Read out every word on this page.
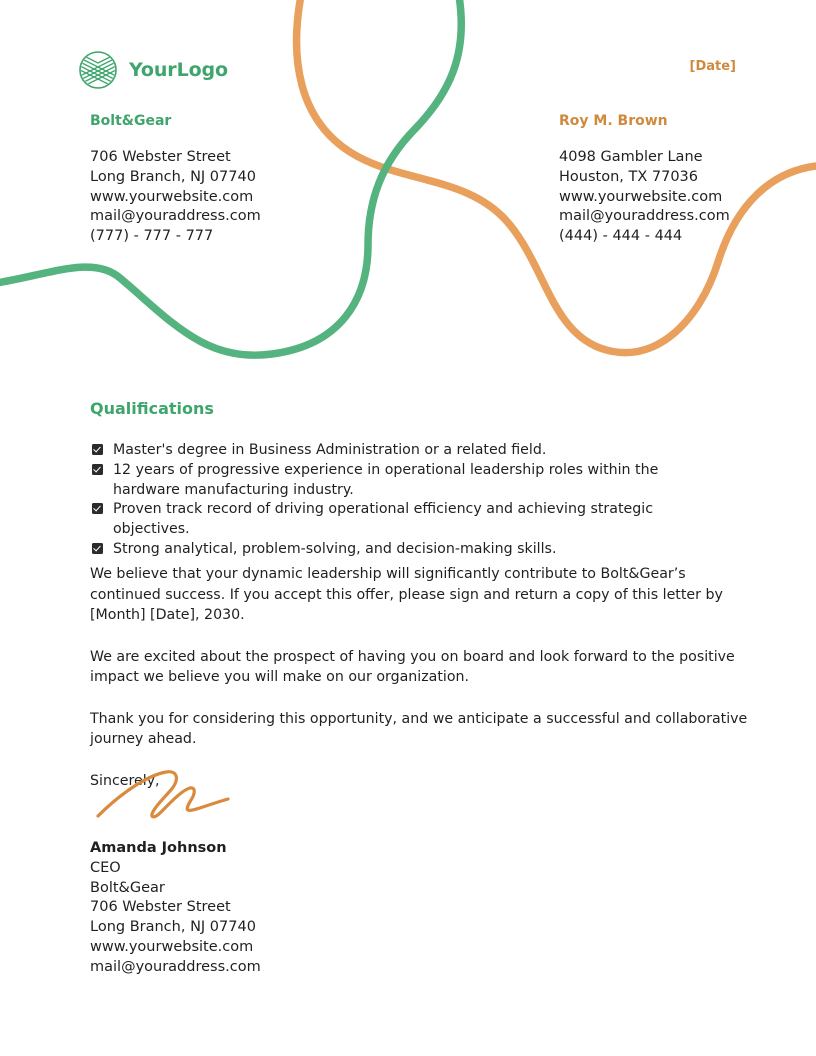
YourLogo	[Date]
Bolt&Gear
706 Webster Street
Long Branch, NJ 07740
www.yourwebsite.com
mail@youraddress.com
(777) - 777 - 777
Roy M. Brown
4098 Gambler Lane
Houston, TX 77036
www.yourwebsite.com
mail@youraddress.com
(444) - 444 - 444
Qualifications
Master's degree in Business Administration or a related field.
12 years of progressive experience in operational leadership roles within the hardware manufacturing industry.
Proven track record of driving operational efficiency and achieving strategic objectives.
Strong analytical, problem-solving, and decision-making skills.

We believe that your dynamic leadership will significantly contribute to Bolt&Gear’s continued success. If you accept this offer, please sign and return a copy of this letter by [Month] [Date], 2030.

We are excited about the prospect of having you on board and look forward to the positive impact we believe you will make on our organization.

Thank you for considering this opportunity, and we anticipate a successful and collaborative journey ahead.

Sincerely,

Amanda Johnson
CEO
Bolt&Gear
706 Webster Street
Long Branch, NJ 07740
www.yourwebsite.com
mail@youraddress.com
